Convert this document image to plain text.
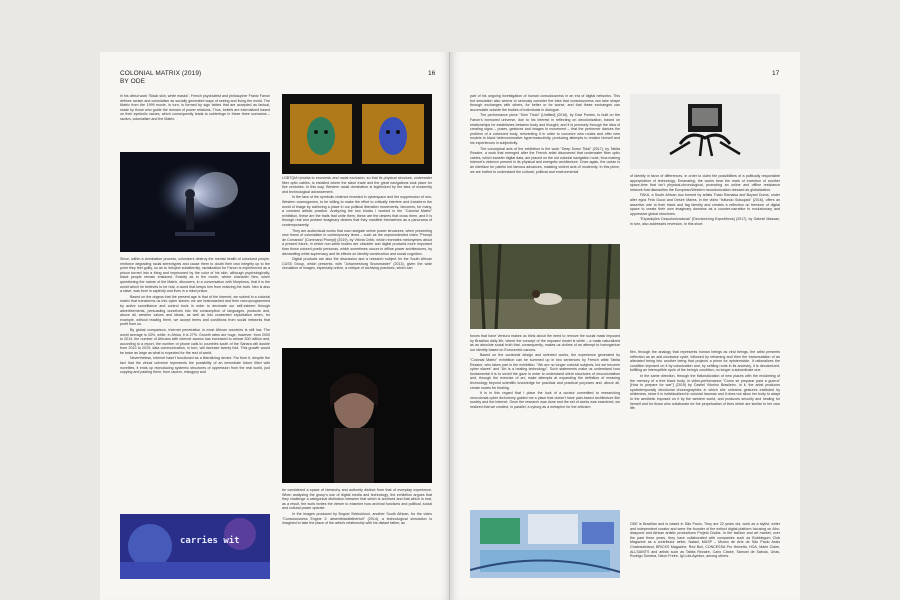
COLONIAL MATRIX (2019)
BY ODE
16

In his debut work "Black skin, white masks", French psychiatrist and philosopher Frantz Fanon defines racism and colonialism as socially generated ways of seeing and living the world. The Matrix from the 1999 movie, in turn, is formed by sign tables that are accepted as factual, made by those who guide the domain of power relations. Thus, beliefs are internalized based on their symbolic values, which consequently leads to subterfuge in these three scenarios – racism, colonialism and the Matrix.

Since, within a domination process, colonizers destroy the mental health of colonized people, reinforce degrading racial stereotypes and cause them to doubt their own integrity up to the point they feel guilty, so as to introject subalternity, racialization for Fanon is experienced as a prison turned into a thing and imprisoned by the color of his skin, although psychologically, black people remain enslaved. Exactly as in the movie, where character Neo, when questioning the nature of the Matrix, discovers, in a conversation with Morpheus, that it is the world which he believes to be real, a world that keeps him from realizing the truth. Neo is also a slave, was born in captivity and lives in a mind prison.

Based on the dogma that the present age is that of the Internet, we submit in a colonial matrix that transforms us into cyber slaves: we are brainwashed and then neuroprogrammed by active surveillance and control tools in order to decimate our self-esteem through advertisements, persuading ourselves into the consumption of languages, products and, above all, western values and ideals, as well as into consented exploitation when, for example, without reading them, we accept terms and conditions from social networks that profit from us.

By global comparison, Internet penetration in most African countries is still low. The world average is 43%, while, in Africa, it is 27%. Growth rates are huge, however: from 2000 to 2014, the number of Africans with internet access has increased to almost 300 million and, according to a report, the number of phone calls to countries south of the Sahara will double from 2013 to 2019; data communication, in turn, will increase twenty fold. This growth would be twice as large as what is expected for the rest of world.

Nevertheless, Internet hasn't functioned as a liberalizing device. Far from it, despite the fact that the virtual universe represents the possibility of an immediate future filled with novelties, it ends up reproducing systemic structures of oppression from the real world, just copying and pasting them, from racism, misogyny and

LGBTQIA+phobia to economic and racial exclusion, so that its physical structure, underwater fiber optic cables, is installed where the slave trade and the great navigations took place for five centuries. In this way, Western racial domination is legitimized by the idea of modernity and technological advancement.

In the face of the symbolic violence invested in cyberspace and the suppression of non-Western cosmogonies, to be willing to make the effort to critically interfere and transform the world of image by authoring a place in our political liberation movements, becomes, for many, a constant artistic practice. Analyzing the two blocks I worked in the "Colonial Matrix" exhibition, these are the traits that unite them, these are the desires that cross them, and it is through real and profane imaginary desires that they manifest themselves as a panorama of contemporaneity.

They are audiovisual works that now navigate online power structures, when presenting new forms of colonialism in contemporary times – such as the unprecedented video "Prompt de Comando" [Command Prompt] (2019), by Vitória Cribb, which recreates metonymies about a present future, in which non-white bodies are obsolete and digital products more important than those colored poetic personas, which sometimes occurs in offline power architectures, by dismantling white supremacy and its effects on identity construction and social cognition.

Digital products are also the discussion and a research subject for the South African CUSS Group, which presents, with "Johannesburg Snowmaster" (2013), given the wide circulation of images, especially online, a critique of archiving practices, which can

be considered a space of hierarchy and authority distinct from that of everyday experience. When analyzing the group's use of digital media and technology, the exhibition argues that they challenge a categorical distinction between that which is archived and that which is real, as a result, the work invites the viewer to examine how archival functions and political, social and cultural power operate.

In the images produced by Bogosi Sekhukhuni, another South African, for the video "Consciousness Engine 2: absentblackfatherbot" (2014), a technological simulation is imagined to take the place of the artist's relationship with his distant father, as

carries wit
17

part of his ongoing investigation of human consciousness in an era of digital networks. This bot simulation also seems to seriously consider the idea that consciousness can take shape through exchanges with others, for better or for worse, and that these exchanges can accumulate outside the bodies of individuals in dialogue.

The performance piece "Sem Título" [Untitled] (2016), by Davi Pontes, is built on the Fanon's borrowed universe, due to his interest in reflecting on decolonization, based on relationships he establishes between body and thought; and it is precisely through the idea of creating signs – poses, gestures and images in movement – that the performer dances the problem of a colonized body, reinventing it in order to conceive new routes and offer new models to black heteronormative hypermasculinity, producing attempts to reclaim himself and his experiences in subjectivity.

The conceptual axis of the exhibition is the work "Deep Down Tidal" (2017), by Tabita Rezaire, a work that emerged after the French artist discovered that underwater fiber optic cables, which transfer digital data, are placed on the old colonial navigation route, thus making Internet's violence present in its physical and energetic architecture. Once again, the ocean is an interface for painful but famous advances, masking violent acts of modernity. In this piece, we are invited to understand the cultural, political and environmental

forces that have Ventura makes us think about the need to remove the social mask imposed by Brazilian daily life, where the concept of the imposed model is white – a mask naturalized as an absolute social truth that, consequently, makes us victims of an attempt to homogenize our identity based on Eurocentric canons.

Based on the curatorial design and selected works, the experience generated by "Colonial Matrix" exhibition can be summed up in two sentences by French artist Tabita Rezaire, who takes part in the exhibition: "We are no longer colonial subjects, but we become cyber slaves" and "Art is a healing technology". Such statements make us understand how fundamental it is to unveil the gaze in order to understand silent structures of neocolonialism and, through the exercise of art, make attempts at expanding the definition of meaning technology beyond scientific knowledge for practical and practical purposes and, above all, create routes for healing.

It is in this regard that I place the look of a curator committed to researching neocolonial-cyber dichotomy guided me a place that doesn't have pain-based architecture like society and the internet. Once the research was done and the set of works was examined, we realized that we created, in parallel, a cyborg as a metaphor for the criticism

of identity in favor of differences, in order to claim the possibilities of a politically responsible appropriation of technology. Emanating, the works bear the mark of invention of another space-time that isn't physical-chronological, promoting an online and offline resistance network that dismantles the European/Western neocolonization dressed as globalization.

FAKA, a South African duo formed by artists Thato Ramaisa and Buyani Duma, under alter egos Fela Gucci and Desire Marea, in the video "Isifundo Sokuqala" (2016), offers an assertive ode to their black and fag identity and creates a reflection on freedom of digital space to create their own imaginary domains as a counter-narrative to exclusionary and oppressive global structures.

"Expedições Descolonizadoras" [Decolonizing Expeditions] (2017), by Gabriel Massan, in turn, also addresses reversion. In this short

film, through the analogy that represents human beings as viral beings, the artist presents reflection as an anti-clockwise cycle, followed by reframing and then the transmutation of an alienated being into another being that projects a prism for epistemicide. It rationalizes the condition imposed on it by colonization and, by settling roots in its ancestry, it is decolonized, fulfilling an interruptible cycle of the being's condition, no longer a subordinate one.

In the same direction, through the fictionalization of new places with the reclaiming of the memory of a free black body, in video-performance "Como se preparar para a guerra" [How to prepare for war"] (2019) by Castiel Vitorino Brasileiro. In it, the artist produces spatiotemporally decolonial choreographies in which she unlearns gestures instituted by whiteness, since it is individualized in colonial traumas and it does not allow her body to adapt to the aesthetic imposed on it by the western world, and produces security and healing for herself and for those who collaborate for the perpetuation of lives which are similar to her own life.

ODE is Brazilian and is based in São Paulo. They are 22 years old, work as a stylist, writer and independent curator and were the founder of the extinct digital platform focusing on Afro-diasporic and African artistic productions Projeto Dúdós. In the fashion and art market, over the past three years, they have collaborated with companies such as Bubblegum Club Magazine as a contributor writer, Natasl, MASP – Museu de Arte de São Paulo Assis Chateaubriand, BRICKS Magazine, Red Bull, CONCESSA Pro Helvetia, HOA, Marie Claire, ALLSAINTS and artists such as Tabita Rezaire, Cairo Clarke, Samuel de Saboia, Urias, Rodrigo Sombra, Nixon Freire, Igi Lola Ayedun, among others.
